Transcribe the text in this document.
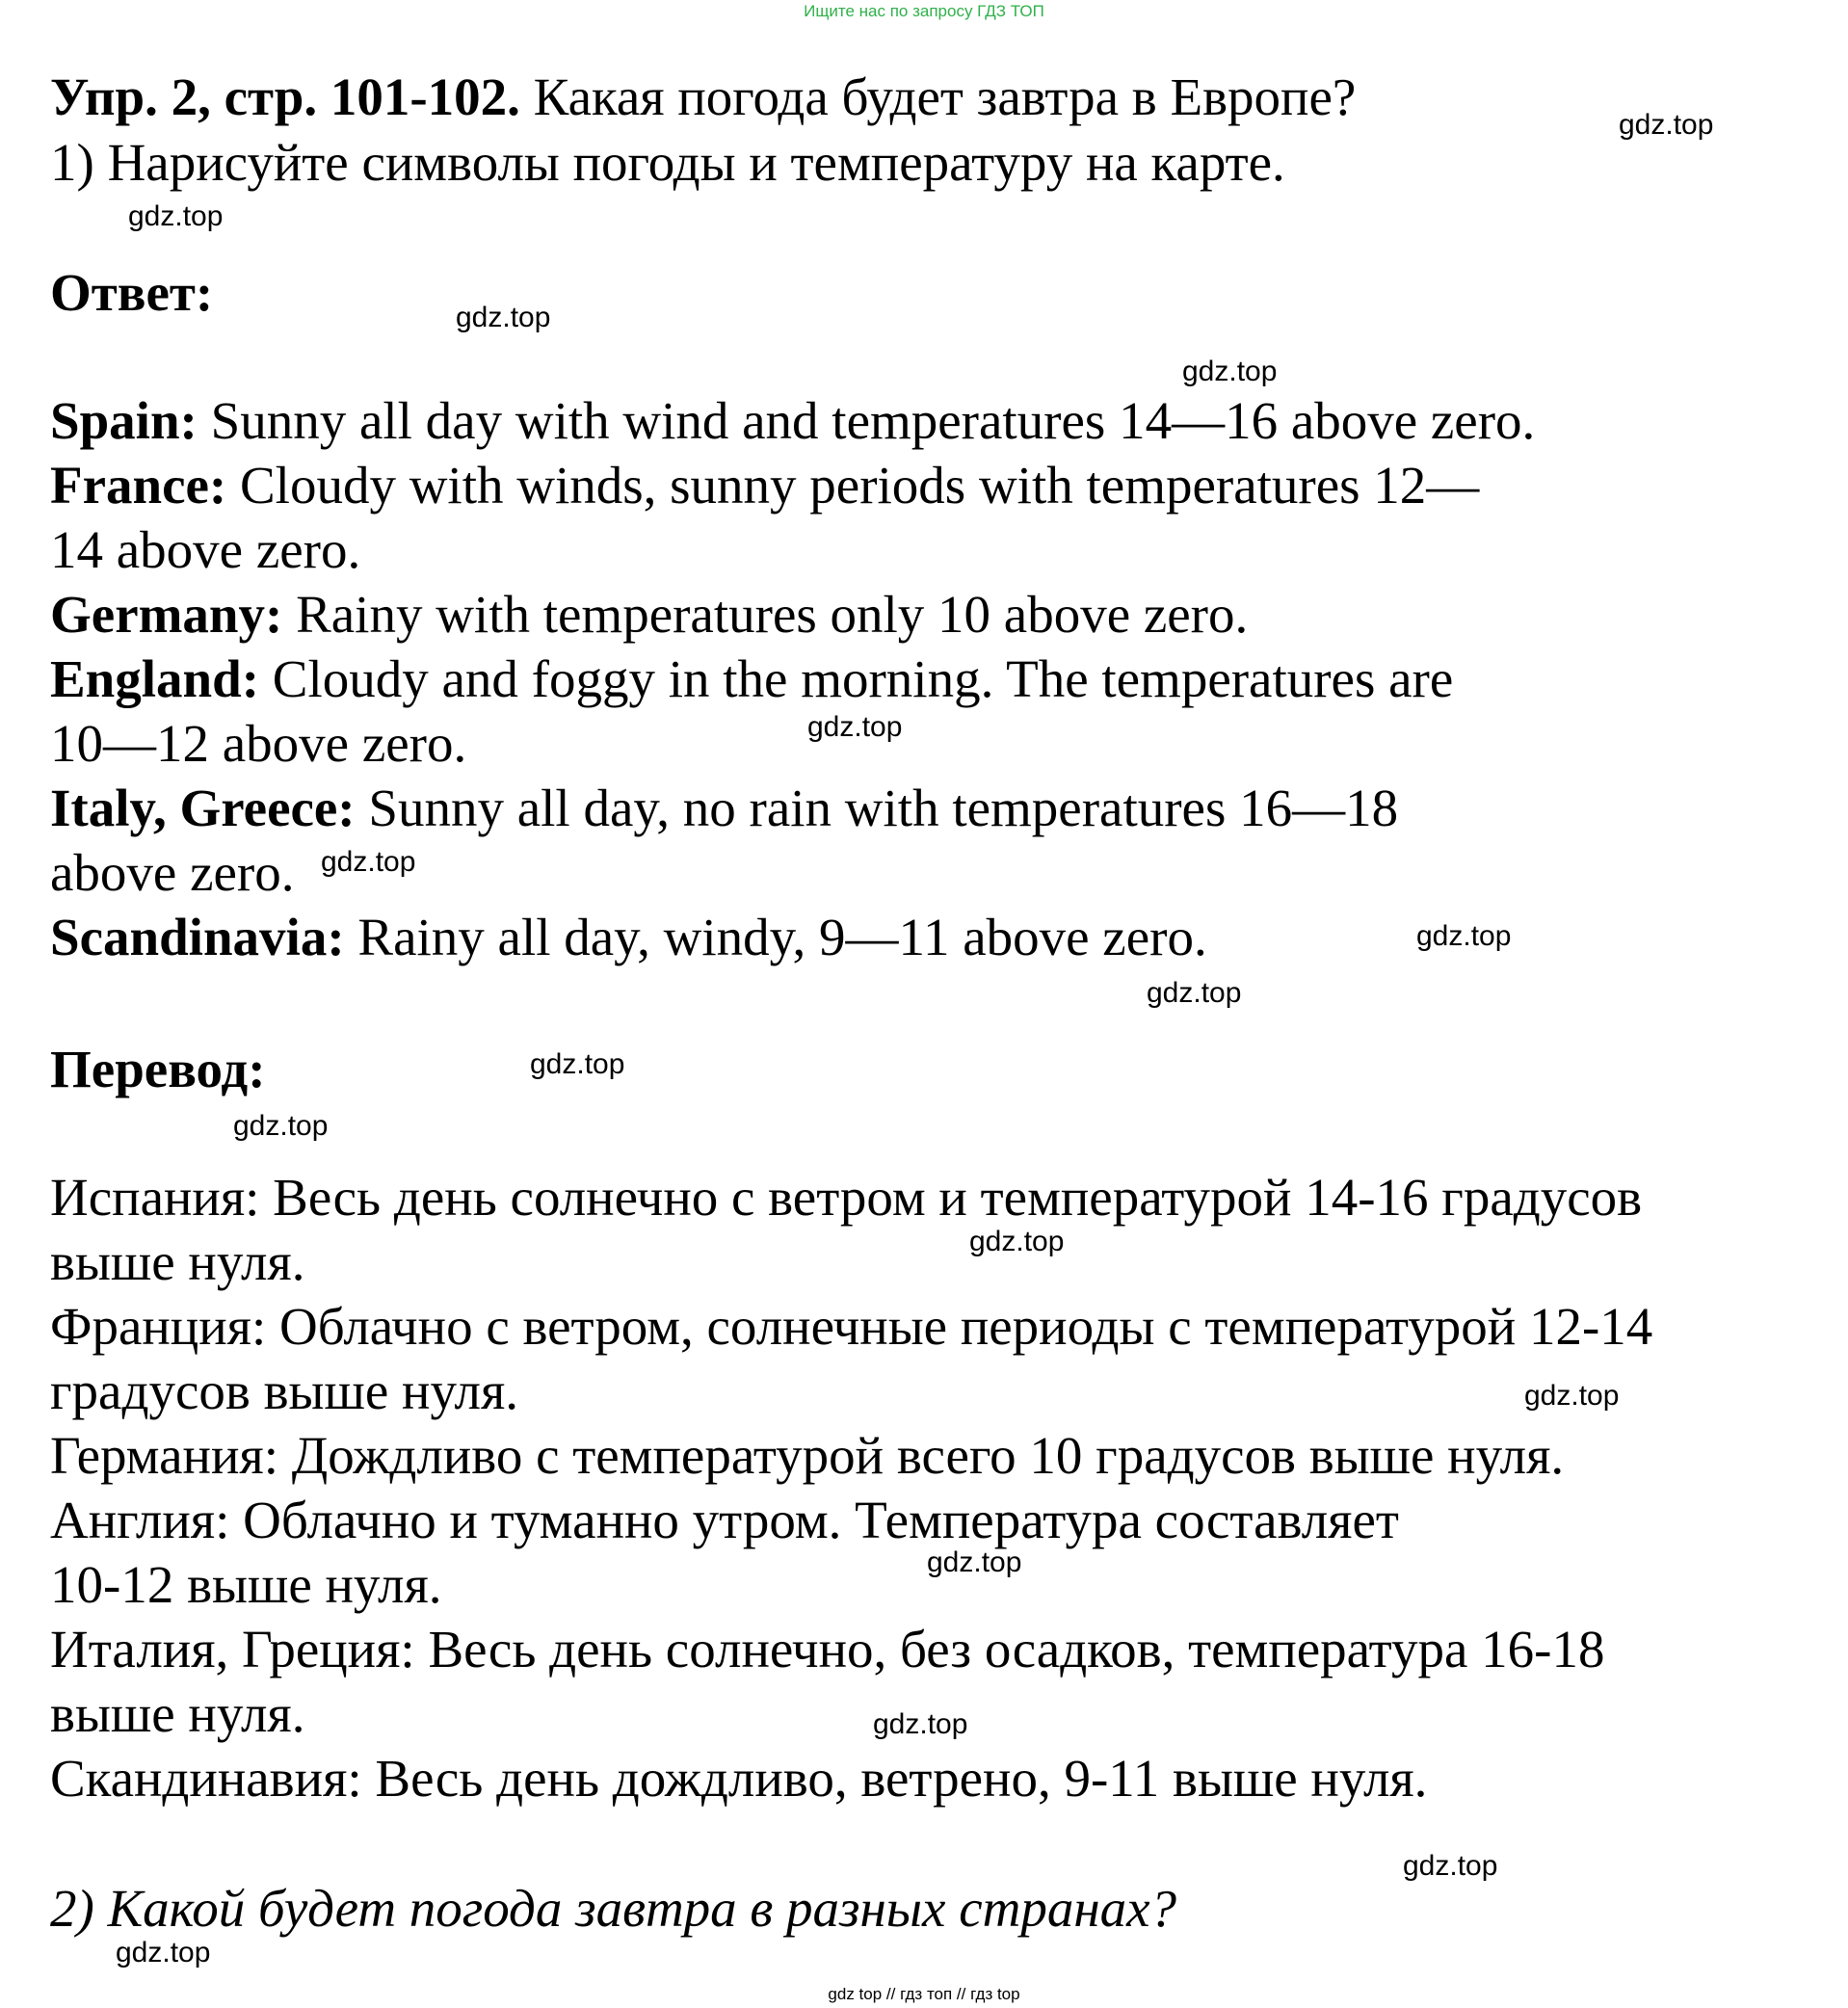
Ищите нас по запросу ГДЗ ТОП
Упр. 2, стр. 101-102. Какая погода будет завтра в Европе?
1) Нарисуйте символы погоды и температуру на карте.
Ответ:
Spain: Sunny all day with wind and temperatures 14—16 above zero.
France: Cloudy with winds, sunny periods with temperatures 12—
14 above zero.
Germany: Rainy with temperatures only 10 above zero.
England: Cloudy and foggy in the morning. The temperatures are
10—12 above zero.
Italy, Greece: Sunny all day, no rain with temperatures 16—18
above zero.
Scandinavia: Rainy all day, windy, 9—11 above zero.
Перевод:
Испания: Весь день солнечно с ветром и температурой 14-16 градусов
выше нуля.
Франция: Облачно с ветром, солнечные периоды с температурой 12-14
градусов выше нуля.
Германия: Дождливо с температурой всего 10 градусов выше нуля.
Англия: Облачно и туманно утром. Температура составляет
10-12 выше нуля.
Италия, Греция: Весь день солнечно, без осадков, температура 16-18
выше нуля.
Скандинавия: Весь день дождливо, ветрено, 9-11 выше нуля.
2) Какой будет погода завтра в разных странах?
gdz.top
gdz.top
gdz.top
gdz.top
gdz.top
gdz.top
gdz.top
gdz.top
gdz.top
gdz.top
gdz.top
gdz.top
gdz.top
gdz.top
gdz.top
gdz.top
gdz top // гдз топ // гдз top
